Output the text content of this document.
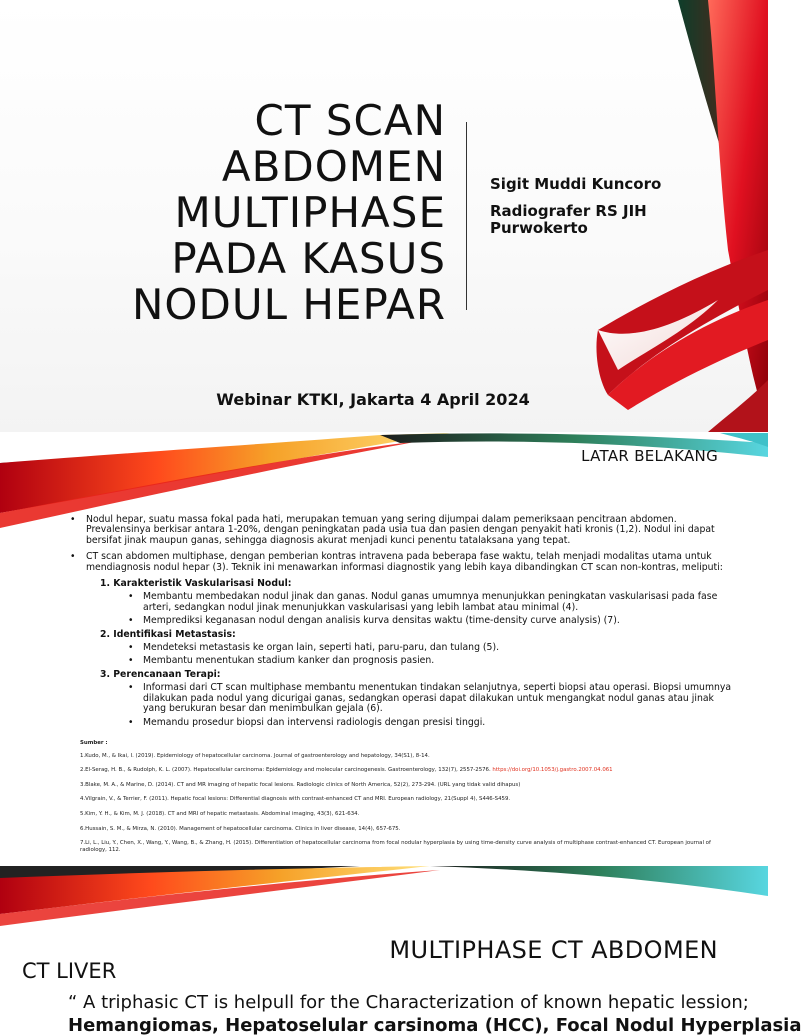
CT SCAN
ABDOMEN
MULTIPHASE
PADA KASUS
NODUL HEPAR
Sigit Muddi Kuncoro
Radiografer RS JIH Purwokerto
Webinar KTKI, Jakarta 4 April 2024
LATAR BELAKANG
• Nodul hepar, suatu massa fokal pada hati, merupakan temuan yang sering dijumpai dalam pemeriksaan pencitraan abdomen. Prevalensinya berkisar antara 1-20%, dengan peningkatan pada usia tua dan pasien dengan penyakit hati kronis (1,2). Nodul ini dapat bersifat jinak maupun ganas, sehingga diagnosis akurat menjadi kunci penentu tatalaksana yang tepat.
• CT scan abdomen multiphase, dengan pemberian kontras intravena pada beberapa fase waktu, telah menjadi modalitas utama untuk mendiagnosis nodul hepar (3). Teknik ini menawarkan informasi diagnostik yang lebih kaya dibandingkan CT scan non-kontras, meliputi:
1. Karakteristik Vaskularisasi Nodul:
• Membantu membedakan nodul jinak dan ganas. Nodul ganas umumnya menunjukkan peningkatan vaskularisasi pada fase arteri, sedangkan nodul jinak menunjukkan vaskularisasi yang lebih lambat atau minimal (4).
• Memprediksi keganasan nodul dengan analisis kurva densitas waktu (time-density curve analysis) (7).
2. Identifikasi Metastasis:
• Mendeteksi metastasis ke organ lain, seperti hati, paru-paru, dan tulang (5).
• Membantu menentukan stadium kanker dan prognosis pasien.
3. Perencanaan Terapi:
• Informasi dari CT scan multiphase membantu menentukan tindakan selanjutnya, seperti biopsi atau operasi. Biopsi umumnya dilakukan pada nodul yang dicurigai ganas, sedangkan operasi dapat dilakukan untuk mengangkat nodul ganas atau jinak yang berukuran besar dan menimbulkan gejala (6).
• Memandu prosedur biopsi dan intervensi radiologis dengan presisi tinggi.
Sumber :
1.Kudo, M., & Ikai, I. (2019). Epidemiology of hepatocellular carcinoma. Journal of gastroenterology and hepatology, 34(S1), 8-14.
2.El-Serag, H. B., & Rudolph, K. L. (2007). Hepatocellular carcinoma: Epidemiology and molecular carcinogenesis. Gastroenterology, 132(7), 2557-2576. https://doi.org/10.1053/j.gastro.2007.04.061
3.Blake, M. A., & Marine, D. (2014). CT and MR imaging of hepatic focal lesions. Radiologic clinics of North America, 52(2), 273-294. (URL yang tidak valid dihapus)
4.Vilgrain, V., & Terrier, F. (2011). Hepatic focal lesions: Differential diagnosis with contrast-enhanced CT and MRI. European radiology, 21(Suppl 4), S446-S459.
5.Kim, Y. H., & Kim, M. J. (2018). CT and MRI of hepatic metastasis. Abdominal imaging, 43(3), 621-634.
6.Hussain, S. M., & Mirza, N. (2010). Management of hepatocellular carcinoma. Clinics in liver disease, 14(4), 657-675.
7.Li, L., Liu, Y., Chen, X., Wang, Y., Wang, B., & Zhang, H. (2015). Differentiation of hepatocellular carcinoma from focal nodular hyperplasia by using time-density curve analysis of multiphase contrast-enhanced CT. European journal of radiology, 112.
MULTIPHASE CT ABDOMEN
CT LIVER
“ A triphasic CT is helpull for the Characterization of known hepatic lession;
Hemangiomas, Hepatoselular carsinoma (HCC), Focal Nodul Hyperplasia
